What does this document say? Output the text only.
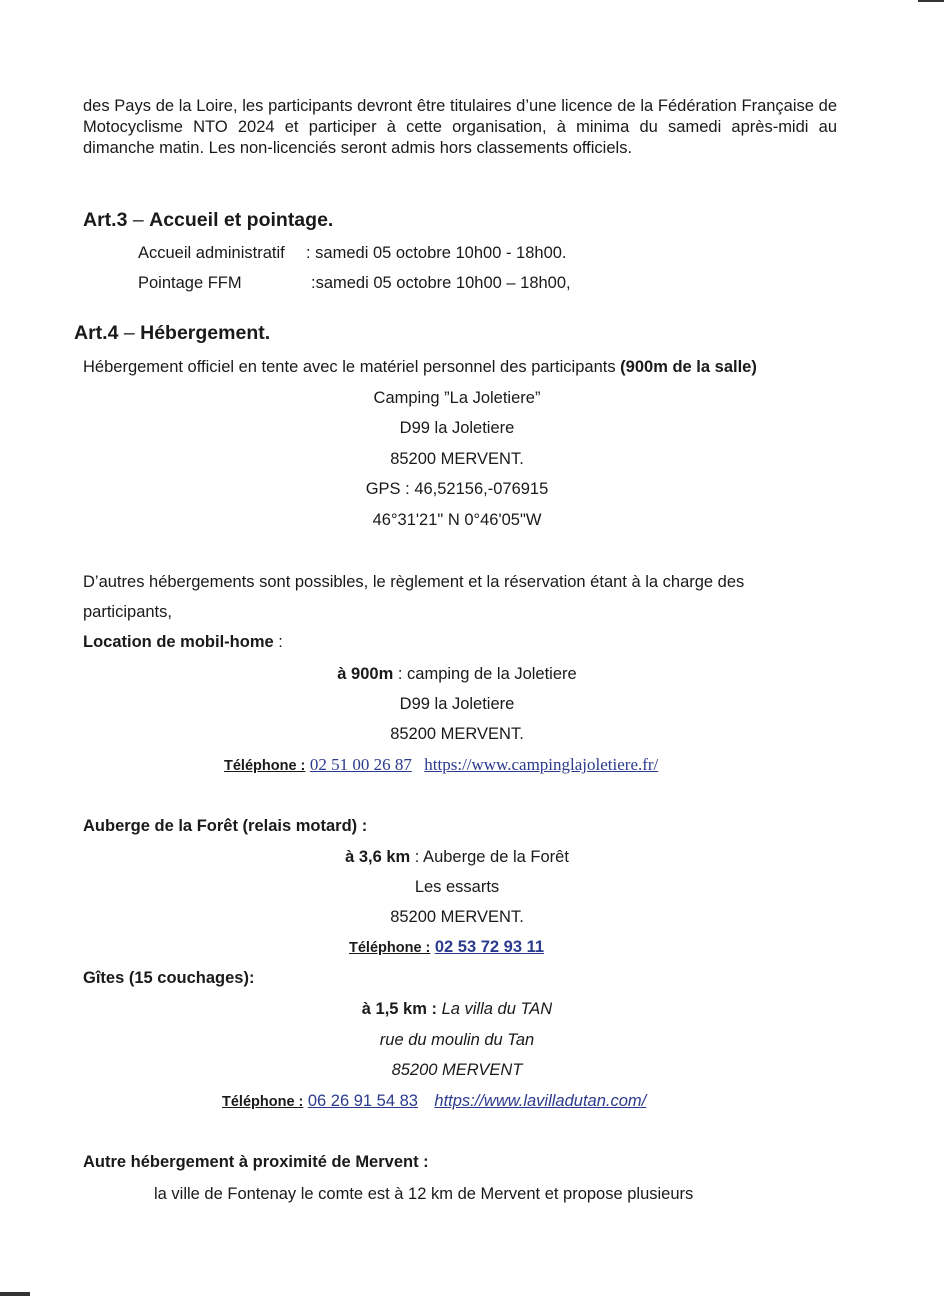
des Pays de la Loire, les participants devront être titulaires d’une licence de la Fédération Française de Motocyclisme NTO 2024 et participer à cette organisation, à minima du samedi après-midi au dimanche matin. Les non-licenciés seront admis hors classements officiels.
Art.3 – Accueil et pointage.
Accueil administratif : samedi 05 octobre 10h00 - 18h00.
Pointage FFM	:samedi 05 octobre 10h00 – 18h00,
Art.4 – Hébergement.
Hébergement officiel en tente avec le matériel personnel des participants (900m de la salle)
Camping ”La Joletiere”
D99 la Joletiere
85200 MERVENT.
GPS : 46,52156,-076915
46°31'21" N 0°46'05"W
D’autres hébergements sont possibles, le règlement et la réservation étant à la charge des
participants,
Location de mobil-home :
à 900m : camping de la Joletiere
D99 la Joletiere
85200 MERVENT.
Téléphone : 02 51 00 26 87 https://www.campinglajoletiere.fr/
Auberge de la Forêt (relais motard) :
à 3,6 km : Auberge de la Forêt
Les essarts
85200 MERVENT.
Téléphone : 02 53 72 93 11
Gîtes (15 couchages):
à 1,5 km : La villa du TAN
rue du moulin du Tan
85200 MERVENT
Téléphone : 06 26 91 54 83 https://www.lavilladutan.com/
Autre hébergement à proximité de Mervent :
la ville de Fontenay le comte est à 12 km de Mervent et propose plusieurs
